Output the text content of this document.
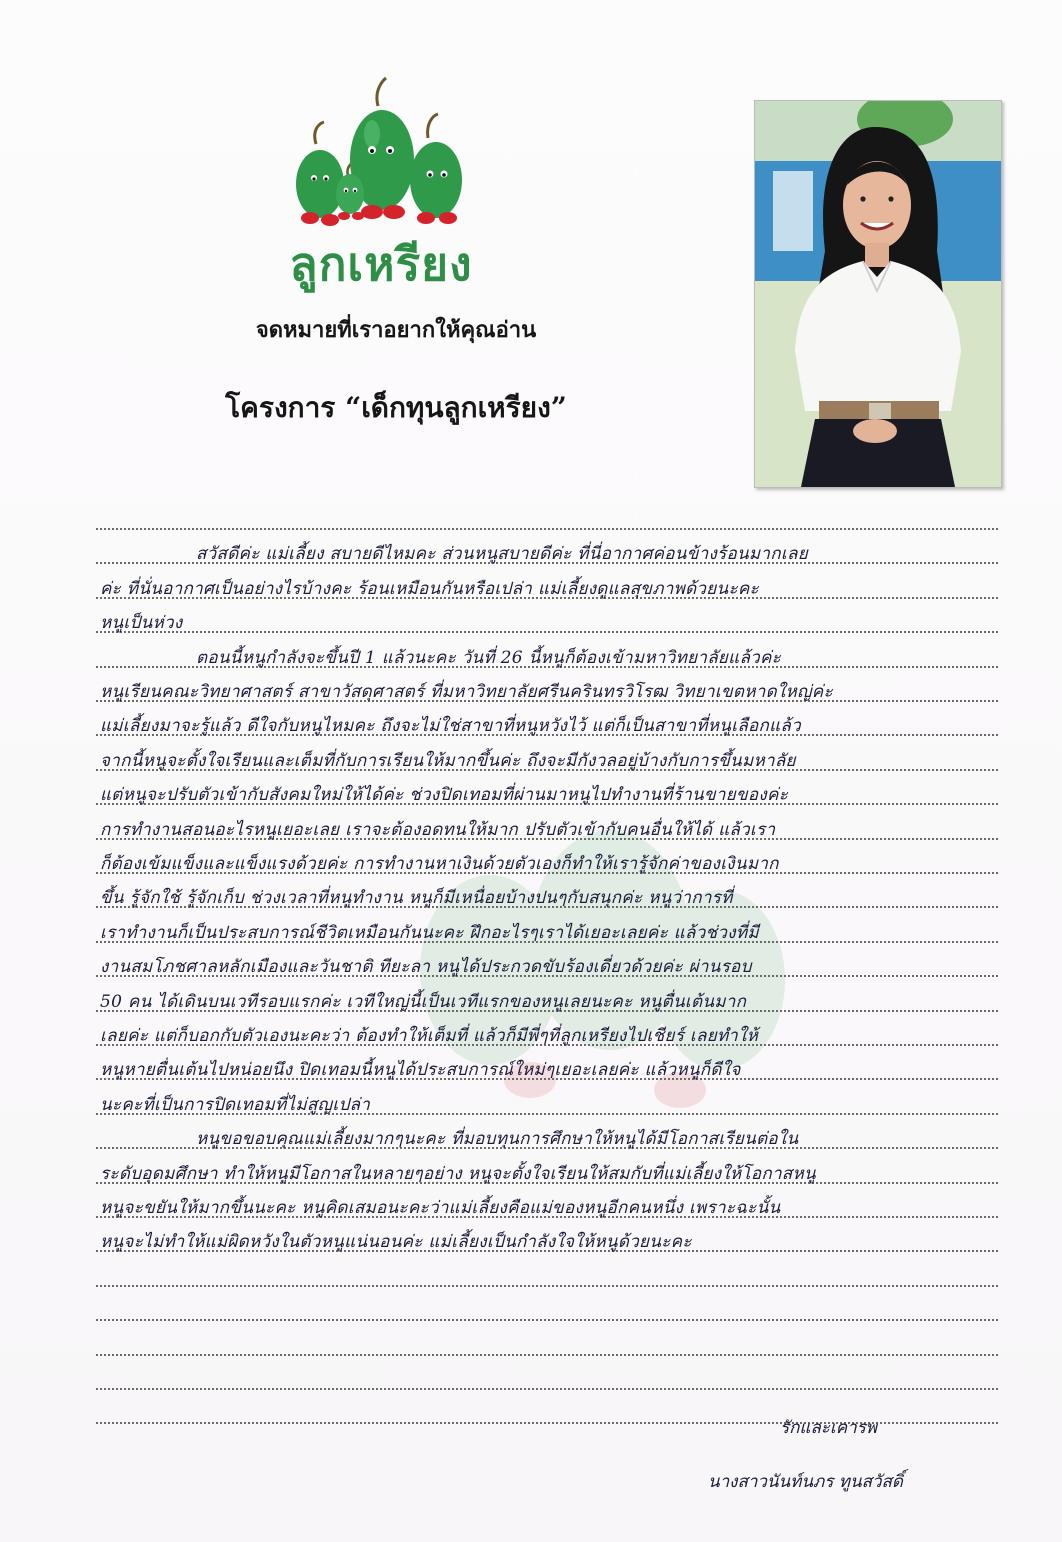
ลูกเหรียง
จดหมายที่เราอยากให้คุณอ่าน
โครงการ “เด็กทุนลูกเหรียง”
สวัสดีค่ะ แม่เลี้ยง สบายดีไหมคะ ส่วนหนูสบายดีค่ะ ที่นี่อากาศค่อนข้างร้อนมากเลย
ค่ะ ที่นั่นอากาศเป็นอย่างไรบ้างคะ ร้อนเหมือนกันหรือเปล่า แม่เลี้ยงดูแลสุขภาพด้วยนะคะ
หนูเป็นห่วง
ตอนนี้หนูกำลังจะขึ้นปี 1 แล้วนะคะ วันที่ 26 นี้หนูก็ต้องเข้ามหาวิทยาลัยแล้วค่ะ
หนูเรียนคณะวิทยาศาสตร์ สาขาวัสดุศาสตร์ ที่มหาวิทยาลัยศรีนครินทรวิโรฒ วิทยาเขตหาดใหญ่ค่ะ
แม่เลี้ยงมาจะรู้แล้ว ดีใจกับหนูไหมคะ ถึงจะไม่ใช่สาขาที่หนูหวังไว้ แต่ก็เป็นสาขาที่หนูเลือกแล้ว
จากนี้หนูจะตั้งใจเรียนและเต็มที่กับการเรียนให้มากขึ้นค่ะ ถึงจะมีกังวลอยู่บ้างกับการขึ้นมหาลัย
แต่หนูจะปรับตัวเข้ากับสังคมใหม่ให้ได้ค่ะ ช่วงปิดเทอมที่ผ่านมาหนูไปทำงานที่ร้านขายของค่ะ
การทำงานสอนอะไรหนูเยอะเลย เราจะต้องอดทนให้มาก ปรับตัวเข้ากับคนอื่นให้ได้ แล้วเรา
ก็ต้องเข้มแข็งและแข็งแรงด้วยค่ะ การทำงานหาเงินด้วยตัวเองก็ทำให้เรารู้จักค่าของเงินมาก
ขึ้น รู้จักใช้ รู้จักเก็บ ช่วงเวลาที่หนูทำงาน หนูก็มีเหนื่อยบ้างปนๆกับสนุกค่ะ หนูว่าการที่
เราทำงานก็เป็นประสบการณ์ชีวิตเหมือนกันนะคะ ฝึกอะไรๆเราได้เยอะเลยค่ะ แล้วช่วงที่มี
งานสมโภชศาลหลักเมืองและวันชาติ ทียะลา หนูได้ประกวดขับร้องเดี่ยวด้วยค่ะ ผ่านรอบ
50 คน ได้เดินบนเวทีรอบแรกค่ะ เวทีใหญ่นี้เป็นเวทีแรกของหนูเลยนะคะ หนูตื่นเต้นมาก
เลยค่ะ แต่ก็บอกกับตัวเองนะคะว่า ต้องทำให้เต็มที่ แล้วก็มีพี่ๆที่ลูกเหรียงไปเชียร์ เลยทำให้
หนูหายตื่นเต้นไปหน่อยนึง ปิดเทอมนี้หนูได้ประสบการณ์ใหม่ๆเยอะเลยค่ะ แล้วหนูก็ดีใจ
นะคะที่เป็นการปิดเทอมที่ไม่สูญเปล่า
หนูขอขอบคุณแม่เลี้ยงมากๆนะคะ ที่มอบทุนการศึกษาให้หนูได้มีโอกาสเรียนต่อใน
ระดับอุดมศึกษา ทำให้หนูมีโอกาสในหลายๆอย่าง หนูจะตั้งใจเรียนให้สมกับที่แม่เลี้ยงให้โอกาสหนู
หนูจะขยันให้มากขึ้นนะคะ หนูคิดเสมอนะคะว่าแม่เลี้ยงคือแม่ของหนูอีกคนหนึ่ง เพราะฉะนั้น
หนูจะไม่ทำให้แม่ผิดหวังในตัวหนูแน่นอนค่ะ แม่เลี้ยงเป็นกำลังใจให้หนูด้วยนะคะ
รักและเคารพ
นางสาวนันท์นภร ทูนสวัสดิ์
